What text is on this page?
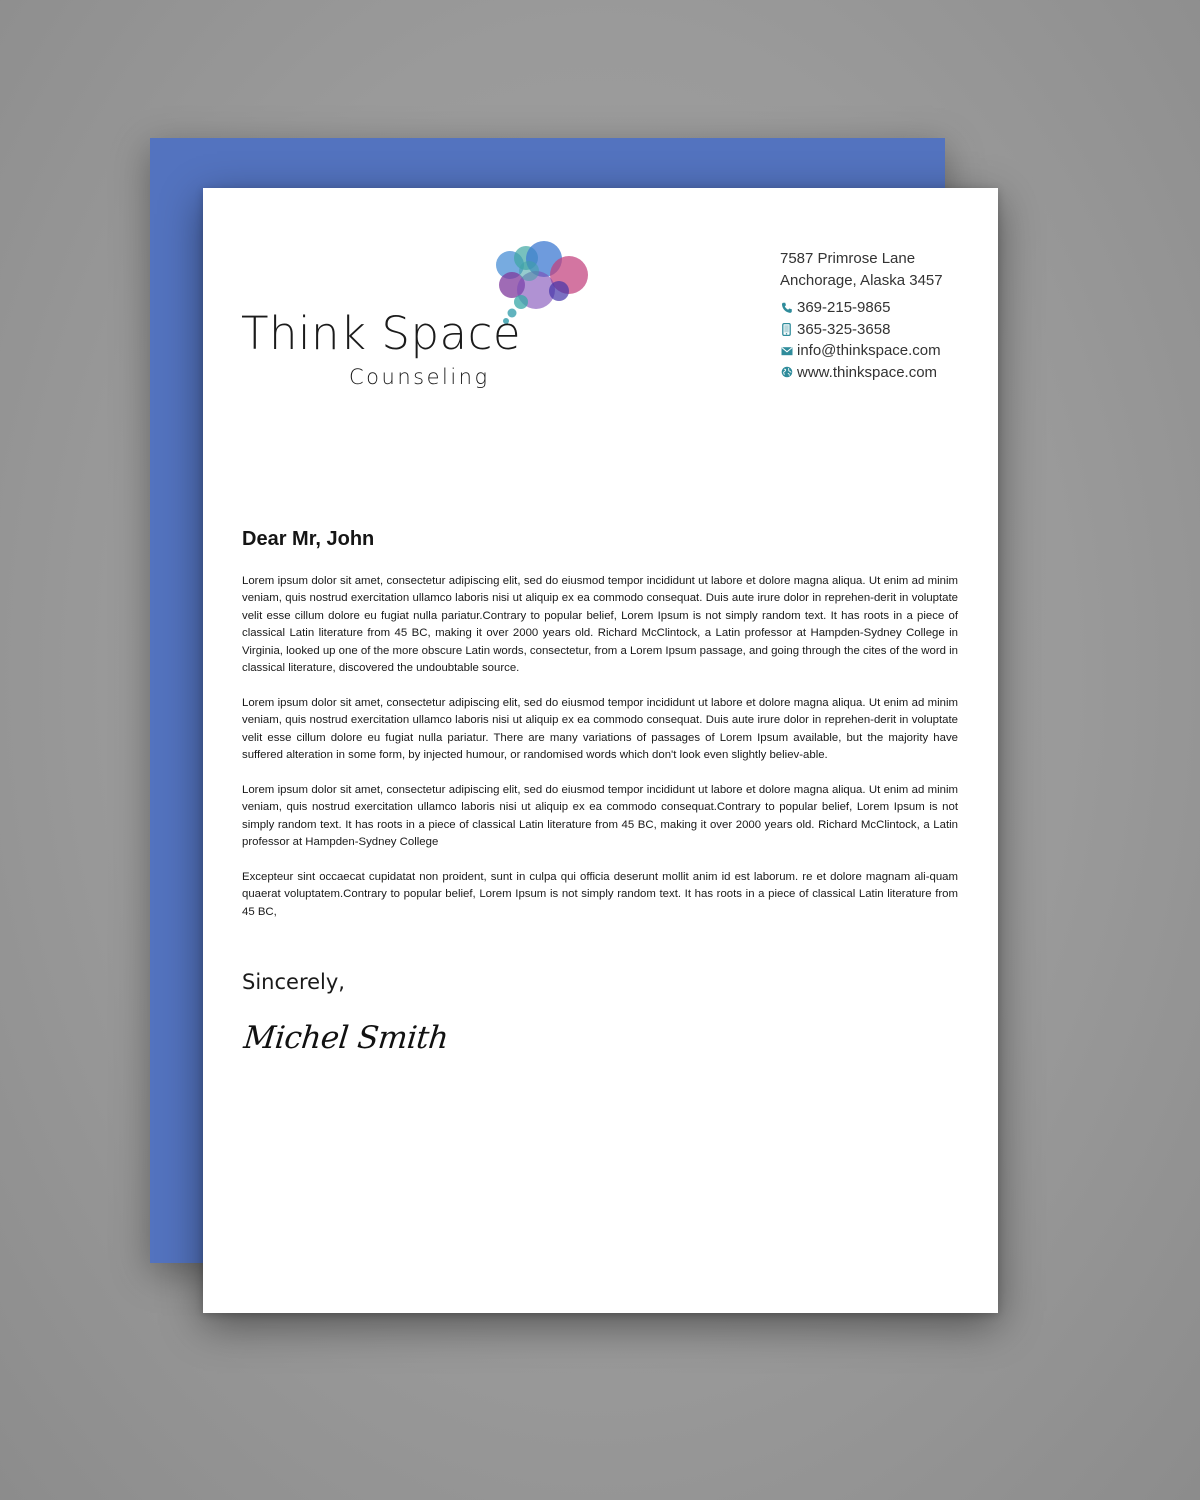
Think Space
Counseling
7587 Primrose Lane
Anchorage, Alaska 3457
369-215-9865
365-325-3658
info@thinkspace.com
www.thinkspace.com
Dear Mr, John

Lorem ipsum dolor sit amet, consectetur adipiscing elit, sed do eiusmod tempor incididunt ut labore et dolore magna aliqua. Ut enim ad minim veniam, quis nostrud exercitation ullamco laboris nisi ut aliquip ex ea commodo consequat. Duis aute irure dolor in reprehen-derit in voluptate velit esse cillum dolore eu fugiat nulla pariatur.Contrary to popular belief, Lorem Ipsum is not simply random text. It has roots in a piece of classical Latin literature from 45 BC, making it over 2000 years old. Richard McClintock, a Latin professor at Hampden-Sydney College in Virginia, looked up one of the more obscure Latin words, consectetur, from a Lorem Ipsum passage, and going through the cites of the word in classical literature, discovered the undoubtable source.

Lorem ipsum dolor sit amet, consectetur adipiscing elit, sed do eiusmod tempor incididunt ut labore et dolore magna aliqua. Ut enim ad minim veniam, quis nostrud exercitation ullamco laboris nisi ut aliquip ex ea commodo consequat. Duis aute irure dolor in reprehen-derit in voluptate velit esse cillum dolore eu fugiat nulla pariatur. There are many variations of passages of Lorem Ipsum available, but the majority have suffered alteration in some form, by injected humour, or randomised words which don't look even slightly believ-able.

Lorem ipsum dolor sit amet, consectetur adipiscing elit, sed do eiusmod tempor incididunt ut labore et dolore magna aliqua. Ut enim ad minim veniam, quis nostrud exercitation ullamco laboris nisi ut aliquip ex ea commodo consequat.Contrary to popular belief, Lorem Ipsum is not simply random text. It has roots in a piece of classical Latin literature from 45 BC, making it over 2000 years old. Richard McClintock, a Latin professor at Hampden-Sydney College

Excepteur sint occaecat cupidatat non proident, sunt in culpa qui officia deserunt mollit anim id est laborum. re et dolore magnam ali-quam quaerat voluptatem.Contrary to popular belief, Lorem Ipsum is not simply random text. It has roots in a piece of classical Latin literature from 45 BC,

Sincerely,
Michel Smith
